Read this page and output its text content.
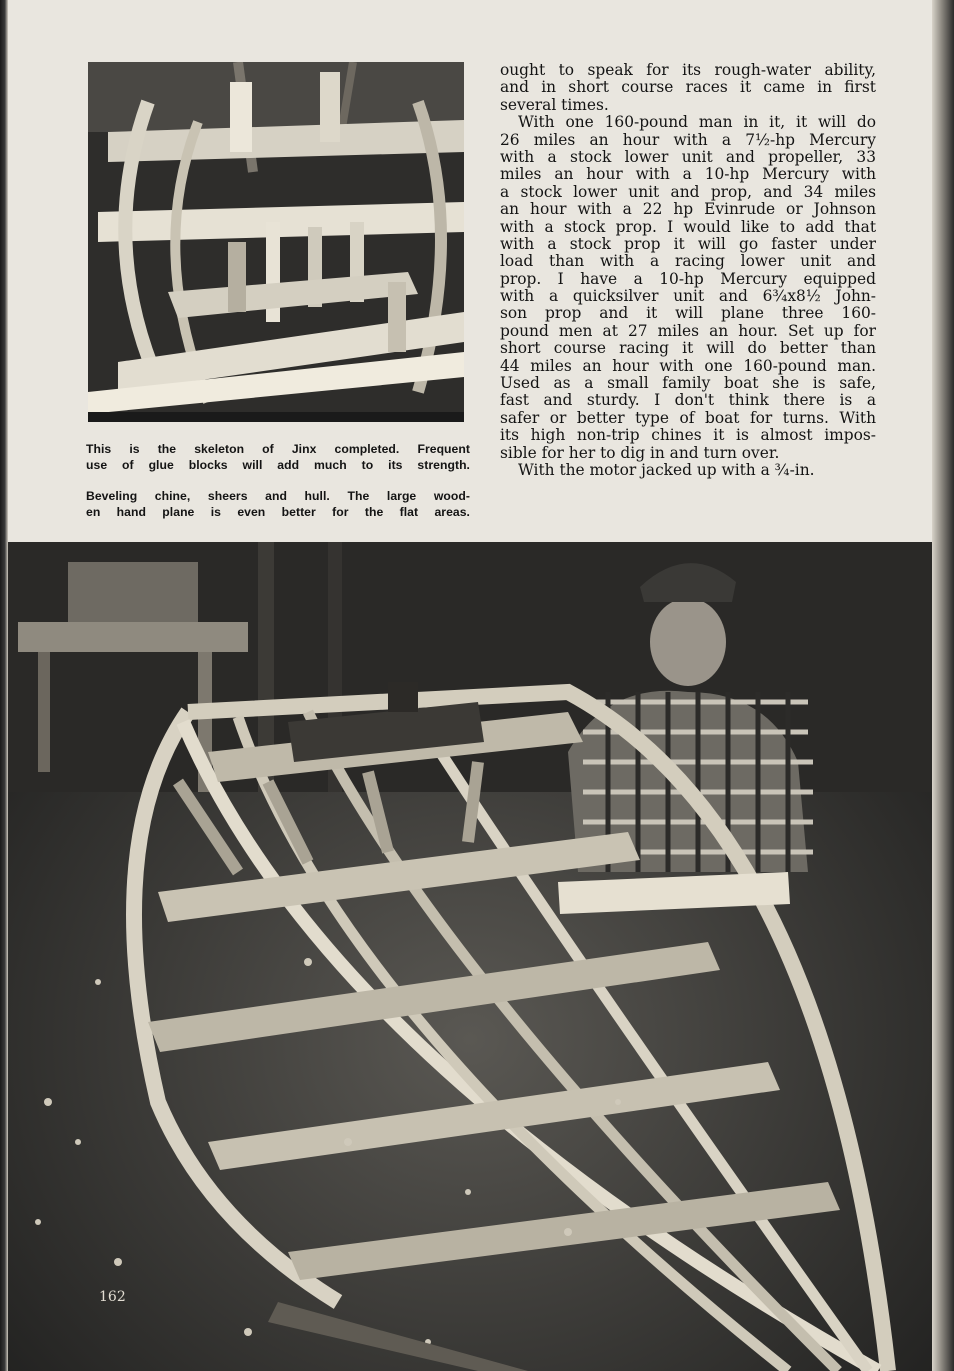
This is the skeleton of Jinx completed. Frequent
use of glue blocks will add much to its strength.
Beveling chine, sheers and hull. The large wood-
en hand plane is even better for the flat areas.
ought to speak for its rough-water ability,
and in short course races it came in first
several times.
With one 160-pound man in it, it will do
26 miles an hour with a 7½-hp Mercury
with a stock lower unit and propeller, 33
miles an hour with a 10-hp Mercury with
a stock lower unit and prop, and 34 miles
an hour with a 22 hp Evinrude or Johnson
with a stock prop. I would like to add that
with a stock prop it will go faster under
load than with a racing lower unit and
prop. I have a 10-hp Mercury equipped
with a quicksilver unit and 6¾x8½ John-
son prop and it will plane three 160-
pound men at 27 miles an hour. Set up for
short course racing it will do better than
44 miles an hour with one 160-pound man.
Used as a small family boat she is safe,
fast and sturdy. I don't think there is a
safer or better type of boat for turns. With
its high non-trip chines it is almost impos-
sible for her to dig in and turn over.
With the motor jacked up with a ¾-in.
162
